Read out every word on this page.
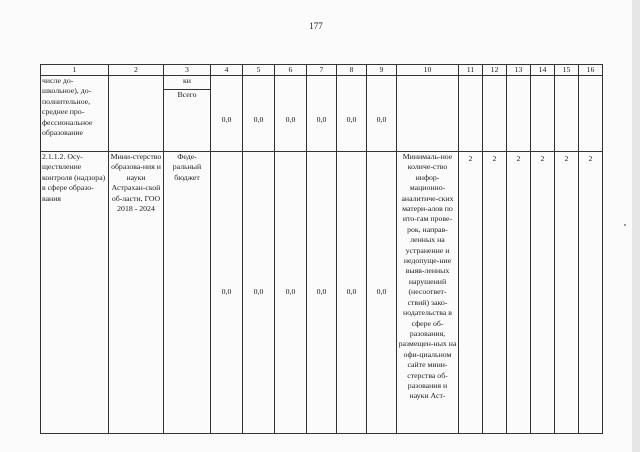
177
1	2	3	4	5	6	7	8	9	10	11	12	13	14	15	16
числе до-школьное), до-полнительное, среднее про-фессиональное образование		ки													
		Всего	0,0	0,0	0,0	0,0	0,0	0,0							
2.1.1.2. Осу-ществление контроля (надзора) в сфере образо-вания	Мини-стерство образова-ния и науки Астрахан-ской об-ласти, ГОО 2018 - 2024	Феде-ральный бюджет	0,0	0,0	0,0	0,0	0,0	0,0	Минималь-ное количе-ство инфор-мационно-аналитиче-ских матери-алов по ито-гам прове-рок, направ-ленных на устранение и недопуще-ние выяв-ленных нарушений (несоответ-ствий) зако-нодательства в сфере об-разования, размещен-ных на офи-циальном сайте мини-стерства об-разования и науки Аст-	2	2	2	2	2	2
